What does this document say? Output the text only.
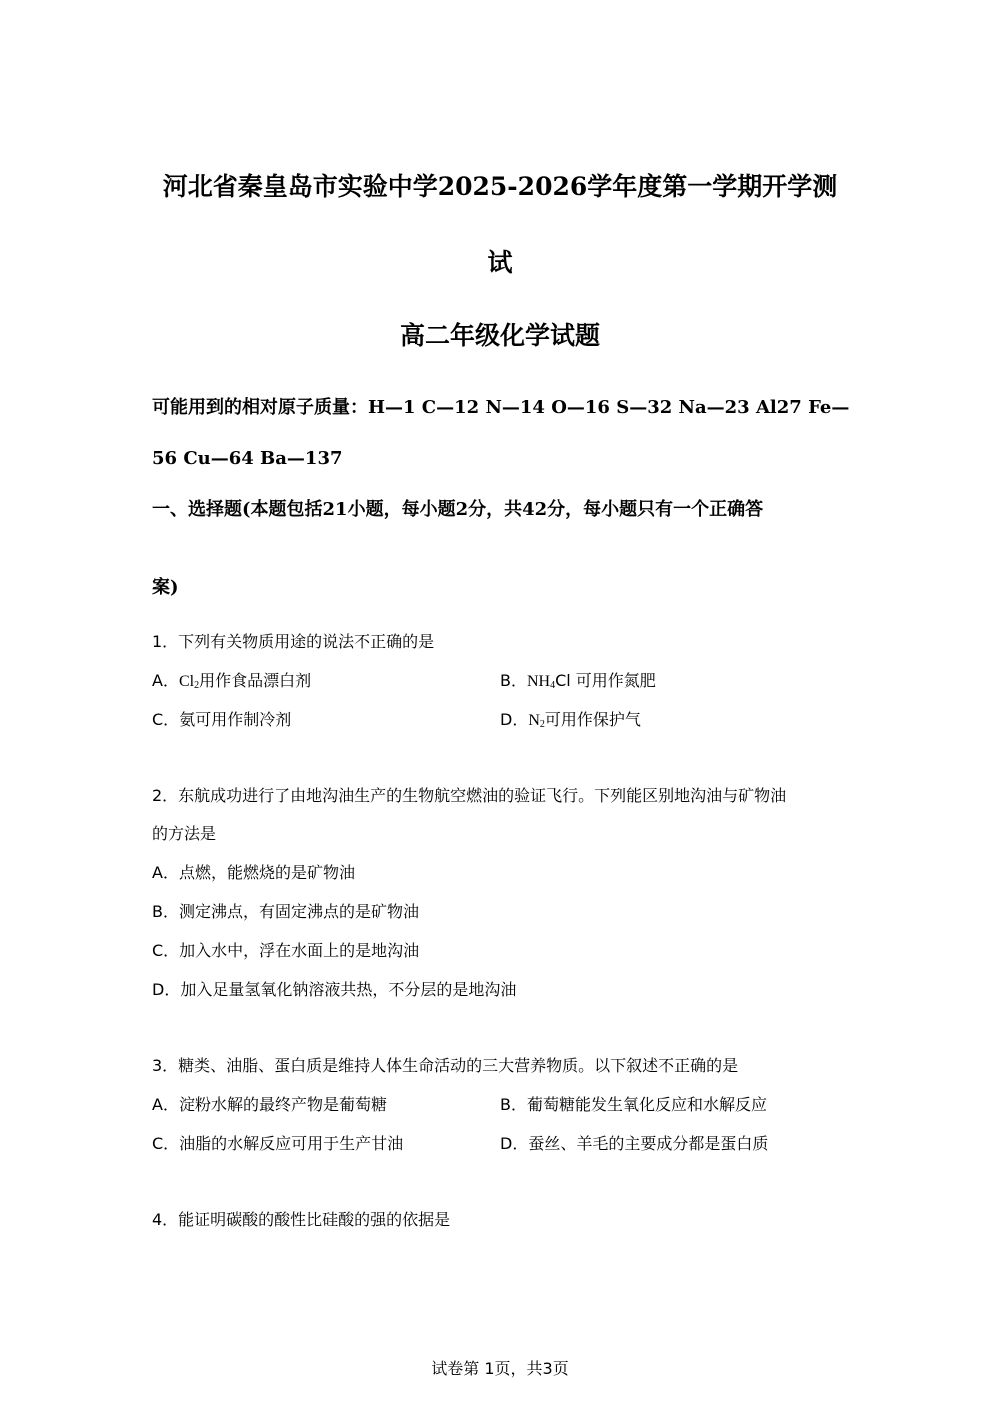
河北省秦皇岛市实验中学2025-2026学年度第一学期开学测
试
高二年级化学试题
可能用到的相对原子质量：H—1 C—12 N—14 O—16 S—32 Na—23 Al27 Fe—
56 Cu—64 Ba—137
一、选择题(本题包括21小题，每小题2分，共42分，每小题只有一个正确答
案)
1．下列有关物质用途的说法不正确的是
A．$Cl_2$用作食品漂白剂	B．$NH_4Cl$ 可用作氮肥
C．氨可用作制冷剂	D．$N_2$可用作保护气
2．东航成功进行了由地沟油生产的生物航空燃油的验证飞行。下列能区别地沟油与矿物油
的方法是
A．点燃，能燃烧的是矿物油
B．测定沸点，有固定沸点的是矿物油
C．加入水中，浮在水面上的是地沟油
D．加入足量氢氧化钠溶液共热，不分层的是地沟油
3．糖类、油脂、蛋白质是维持人体生命活动的三大营养物质。以下叙述不正确的是
A．淀粉水解的最终产物是葡萄糖	B．葡萄糖能发生氧化反应和水解反应
C．油脂的水解反应可用于生产甘油	D．蚕丝、羊毛的主要成分都是蛋白质
4．能证明碳酸的酸性比硅酸的强的依据是
试卷第 1页，共3页
